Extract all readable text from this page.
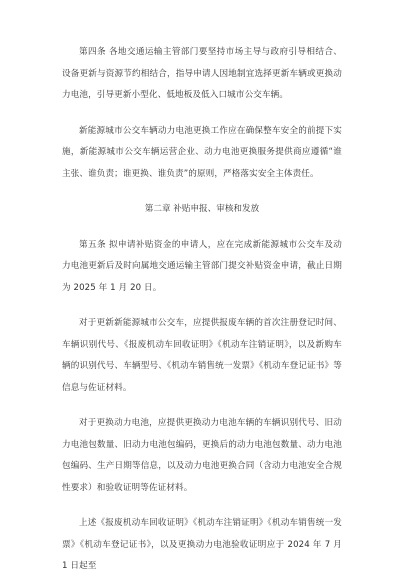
第四条 各地交通运输主管部门要坚持市场主导与政府引导相结合、设备更新与资源节约相结合，指导申请人因地制宜选择更新车辆或更换动力电池，引导更新小型化、低地板及低入口城市公交车辆。

新能源城市公交车辆动力电池更换工作应在确保整车安全的前提下实施，新能源城市公交车辆运营企业、动力电池更换服务提供商应遵循“谁主张、谁负责；谁更换、谁负责”的原则，严格落实安全主体责任。

第二章 补贴申报、审核和发放

第五条 拟申请补贴资金的申请人，应在完成新能源城市公交车及动力电池更新后及时向属地交通运输主管部门提交补贴资金申请，截止日期为 2025 年 1 月 20 日。

对于更新新能源城市公交车，应提供报废车辆的首次注册登记时间、车辆识别代号、《报废机动车回收证明》《机动车注销证明》，以及新购车辆的识别代号、车辆型号、《机动车销售统一发票》《机动车登记证书》等信息与佐证材料。

对于更换动力电池，应提供更换动力电池车辆的车辆识别代号、旧动力电池包数量、旧动力电池包编码，更换后的动力电池包数量、动力电池包编码、生产日期等信息，以及动力电池更换合同（含动力电池安全合规性要求）和验收证明等佐证材料。

上述《报废机动车回收证明》《机动车注销证明》《机动车销售统一发票》《机动车登记证书》，以及更换动力电池验收证明应于 2024 年 7 月 1 日起至
